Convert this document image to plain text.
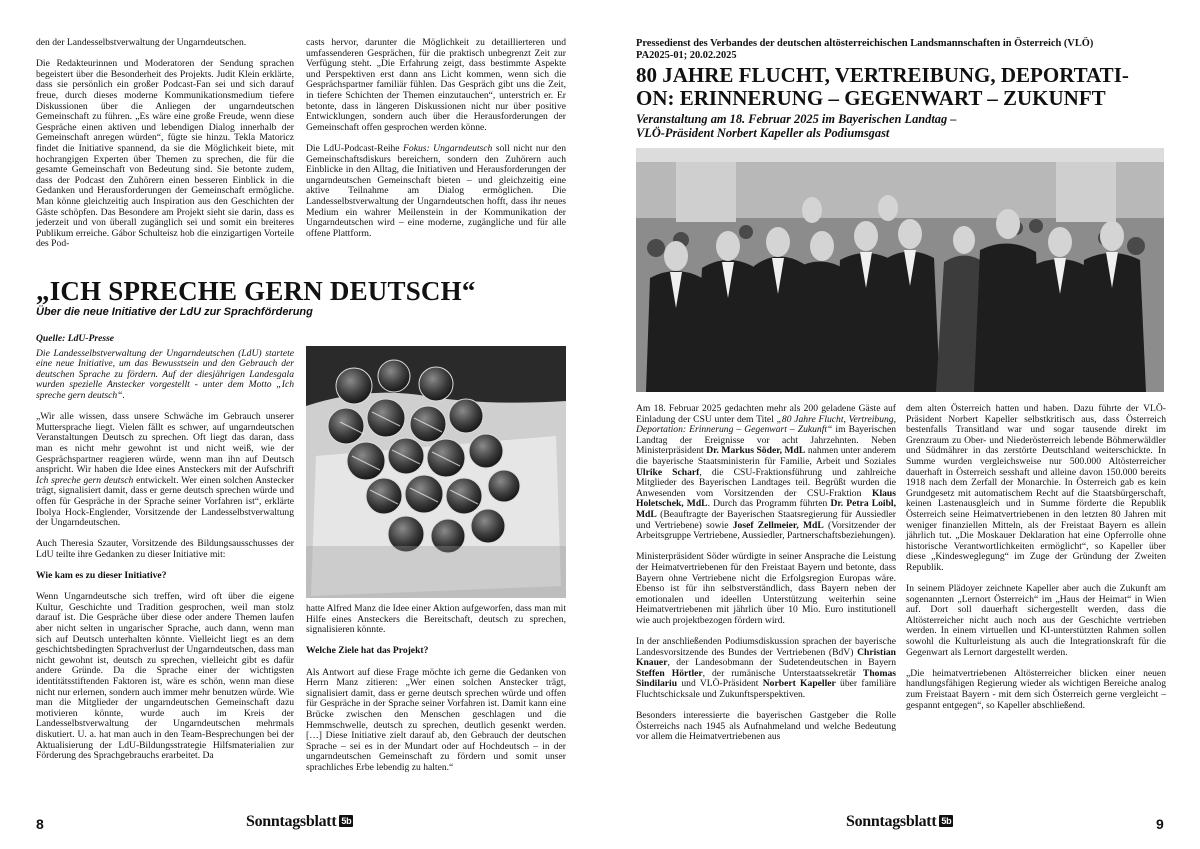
den der Landesselbstverwaltung der Ungarndeutschen.

Die Redakteurinnen und Moderatoren der Sendung sprachen begeistert über die Besonderheit des Projekts. Judit Klein erklärte, dass sie persönlich ein großer Podcast-Fan sei und sich darauf freue, durch dieses moderne Kommunikationsmedium tiefere Diskussionen über die Anliegen der ungarndeutschen Gemeinschaft zu führen. „Es wäre eine große Freude, wenn diese Gespräche einen aktiven und lebendigen Dialog innerhalb der Gemeinschaft anregen würden“, fügte sie hinzu. Tekla Matoricz findet die Initiative spannend, da sie die Möglichkeit biete, mit hochrangigen Experten über Themen zu sprechen, die für die gesamte Gemeinschaft von Bedeutung sind. Sie betonte zudem, dass der Podcast den Zuhörern einen besseren Einblick in die Gedanken und Herausforderungen der Gemeinschaft ermögliche. Man könne gleichzeitig auch Inspiration aus den Geschichten der Gäste schöpfen. Das Besondere am Projekt sieht sie darin, dass es jederzeit und von überall zugänglich sei und somit ein breiteres Publikum erreiche. Gábor Schulteisz hob die einzigartigen Vorteile des Pod-

casts hervor, darunter die Möglichkeit zu detaillierteren und umfassenderen Gesprächen, für die praktisch unbegrenzt Zeit zur Verfügung steht. „Die Erfahrung zeigt, dass bestimmte Aspekte und Perspektiven erst dann ans Licht kommen, wenn sich die Gesprächspartner familiär fühlen. Das Gespräch gibt uns die Zeit, in tiefere Schichten der Themen einzutauchen“, unterstrich er. Er betonte, dass in längeren Diskussionen nicht nur über positive Entwicklungen, sondern auch über die Herausforderungen der Gemeinschaft offen gesprochen werden könne.

Die LdU-Podcast-Reihe Fokus: Ungarndeutsch soll nicht nur den Gemeinschaftsdiskurs bereichern, sondern den Zuhörern auch Einblicke in den Alltag, die Initiativen und Herausforderungen der ungarndeutschen Gemeinschaft bieten – und gleichzeitig eine aktive Teilnahme am Dialog ermöglichen. Die Landesselbstverwaltung der Ungarndeutschen hofft, dass ihr neues Medium ein wahrer Meilenstein in der Kommunikation der Ungarndeutschen wird – eine moderne, zugängliche und für alle offene Plattform.

„ICH SPRECHE GERN DEUTSCH“
Über die neue Initiative der LdU zur Sprachförderung

Quelle: LdU-Presse

Die Landesselbstverwaltung der Ungarndeutschen (LdU) startete eine neue Initiative, um das Bewusstsein und den Gebrauch der deutschen Sprache zu fördern. Auf der diesjährigen Landesgala wurden spezielle Anstecker vorgestellt - unter dem Motto „Ich spreche gern deutsch“.

„Wir alle wissen, dass unsere Schwäche im Gebrauch unserer Muttersprache liegt. Vielen fällt es schwer, auf ungarndeutschen Veranstaltungen Deutsch zu sprechen. Oft liegt das daran, dass man es nicht mehr gewohnt ist und nicht weiß, wie der Gesprächspartner reagieren würde, wenn man ihn auf Deutsch anspricht. Wir haben die Idee eines Ansteckers mit der Aufschrift Ich spreche gern deutsch entwickelt. Wer einen solchen Anstecker trägt, signalisiert damit, dass er gerne deutsch sprechen würde und offen für Gespräche in der Sprache seiner Vorfahren ist“, erklärte Ibolya Hock-Englender, Vorsitzende der Landesselbstverwaltung der Ungarndeutschen.

Auch Theresia Szauter, Vorsitzende des Bildungsausschusses der LdU teilte ihre Gedanken zu dieser Initiative mit:

Wie kam es zu dieser Initiative?

Wenn Ungarndeutsche sich treffen, wird oft über die eigene Kultur, Geschichte und Tradition gesprochen, weil man stolz darauf ist. Die Gespräche über diese oder andere Themen laufen aber nicht selten in ungarischer Sprache, auch dann, wenn man sich auf Deutsch unterhalten könnte. Vielleicht liegt es an dem geschichtsbedingten Sprachverlust der Ungarndeutschen, dass man nicht gewohnt ist, deutsch zu sprechen, vielleicht gibt es dafür andere Gründe. Da die Sprache einer der wichtigsten identitätsstiftenden Faktoren ist, wäre es schön, wenn man diese nicht nur erlernen, sondern auch immer mehr benutzen würde. Wie man die Mitglieder der ungarndeutschen Gemeinschaft dazu motivieren könnte, wurde auch im Kreis der Landesselbstverwaltung der Ungarndeutschen mehrmals diskutiert. U. a. hat man auch in den Team-Besprechungen bei der Aktualisierung der LdU-Bildungsstrategie Hilfsmaterialien zur Förderung des Sprachgebrauchs erarbeitet. Da

hatte Alfred Manz die Idee einer Aktion aufgeworfen, dass man mit Hilfe eines Ansteckers die Bereitschaft, deutsch zu sprechen, signalisieren könnte.

Welche Ziele hat das Projekt?

Als Antwort auf diese Frage möchte ich gerne die Gedanken von Herrn Manz zitieren: „Wer einen solchen Anstecker trägt, signalisiert damit, dass er gerne deutsch sprechen würde und offen für Gespräche in der Sprache seiner Vorfahren ist. Damit kann eine Brücke zwischen den Menschen geschlagen und die Hemmschwelle, deutsch zu sprechen, deutlich gesenkt werden. […] Diese Initiative zielt darauf ab, den Gebrauch der deutschen Sprache – sei es in der Mundart oder auf Hochdeutsch – in der ungarndeutschen Gemeinschaft zu fördern und somit unser sprachliches Erbe lebendig zu halten.“

8	Sonntagsblatt 5b
Pressedienst des Verbandes der deutschen altösterreichischen Landsmannschaften in Österreich (VLÖ)
PA2025-01; 20.02.2025
80 JAHRE FLUCHT, VERTREIBUNG, DEPORTATI-
ON: ERINNERUNG – GEGENWART – ZUKUNFT
Veranstaltung am 18. Februar 2025 im Bayerischen Landtag –
VLÖ-Präsident Norbert Kapeller als Podiumsgast

Am 18. Februar 2025 gedachten mehr als 200 geladene Gäste auf Einladung der CSU unter dem Titel „80 Jahre Flucht, Vertreibung, Deportation: Erinnerung – Gegenwart – Zukunft“ im Bayerischen Landtag der Ereignisse vor acht Jahrzehnten. Neben Ministerpräsident Dr. Markus Söder, MdL nahmen unter anderem die bayerische Staatsministerin für Familie, Arbeit und Soziales Ulrike Scharf, die CSU-Fraktionsführung und zahlreiche Mitglieder des Bayerischen Landtages teil. Begrüßt wurden die Anwesenden vom Vorsitzenden der CSU-Fraktion Klaus Holetschek, MdL. Durch das Programm führten Dr. Petra Loibl, MdL (Beauftragte der Bayerischen Staatsregierung für Aussiedler und Vertriebene) sowie Josef Zellmeier, MdL (Vorsitzender der Arbeitsgruppe Vertriebene, Aussiedler, Partnerschaftsbeziehungen).

Ministerpräsident Söder würdigte in seiner Ansprache die Leistung der Heimatvertriebenen für den Freistaat Bayern und betonte, dass Bayern ohne Vertriebene nicht die Erfolgsregion Europas wäre. Ebenso ist für ihn selbstverständlich, dass Bayern neben der emotionalen und ideellen Unterstützung weiterhin seine Heimatvertriebenen mit jährlich über 10 Mio. Euro institutionell wie auch projektbezogen fördern wird.

In der anschließenden Podiumsdiskussion sprachen der bayerische Landesvorsitzende des Bundes der Vertriebenen (BdV) Christian Knauer, der Landesobmann der Sudetendeutschen in Bayern Steffen Hörtler, der rumänische Unterstaatssekretär Thomas Sindilariu und VLÖ-Präsident Norbert Kapeller über familiäre Fluchtschicksale und Zukunftsperspektiven.

Besonders interessierte die bayerischen Gastgeber die Rolle Österreichs nach 1945 als Aufnahmeland und welche Bedeutung vor allem die Heimatvertriebenen aus

dem alten Österreich hatten und haben. Dazu führte der VLÖ-Präsident Norbert Kapeller selbstkritisch aus, dass Österreich bestenfalls Transitland war und sogar tausende direkt im Grenzraum zu Ober- und Niederösterreich lebende Böhmerwäldler und Südmährer in das zerstörte Deutschland weiterschickte. In Summe wurden vergleichsweise nur 500.000 Altösterreicher dauerhaft in Österreich sesshaft und alleine davon 150.000 bereits 1918 nach dem Zerfall der Monarchie. In Österreich gab es kein Grundgesetz mit automatischem Recht auf die Staatsbürgerschaft, keinen Lastenausgleich und in Summe förderte die Republik Österreich seine Heimatvertriebenen in den letzten 80 Jahren mit weniger finanziellen Mitteln, als der Freistaat Bayern es allein jährlich tut. „Die Moskauer Deklaration hat eine Opferrolle ohne historische Verantwortlichkeiten ermöglicht“, so Kapeller über diese „Kindesweglegung“ im Zuge der Gründung der Zweiten Republik.

In seinem Plädoyer zeichnete Kapeller aber auch die Zukunft am sogenannten „Lernort Österreich“ im „Haus der Heimat“ in Wien auf. Dort soll dauerhaft sichergestellt werden, dass die Altösterreicher nicht auch noch aus der Geschichte vertrieben werden. In einem virtuellen und KI-unterstützten Rahmen sollen sowohl die Kulturleistung als auch die Integrationskraft für die Gegenwart als Lernort dargestellt werden.

„Die heimatvertriebenen Altösterreicher blicken einer neuen handlungsfähigen Regierung wieder als wichtigen Bereiche analog zum Freistaat Bayern - mit dem sich Österreich gerne vergleicht – gespannt entgegen“, so Kapeller abschließend.

Sonntagsblatt 5b	9
